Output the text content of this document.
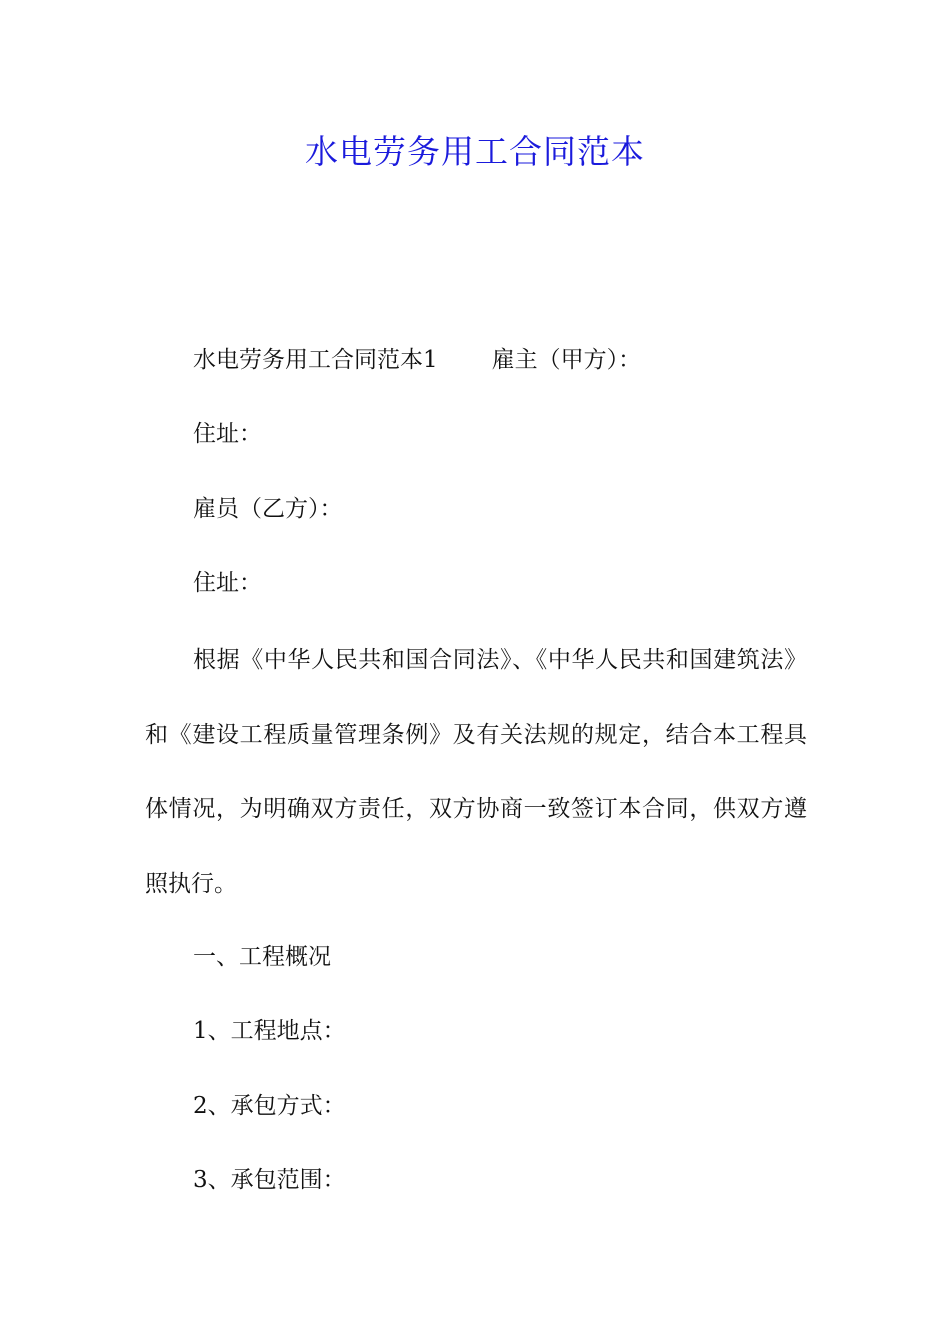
水电劳务用工合同范本
水电劳务用工合同范本1 雇主（甲方）：
住址：
雇员（乙方）：
住址：
根据《中华人民共和国合同法》、《中华人民共和国建筑法》和《建设工程质量管理条例》及有关法规的规定，结合本工程具体情况，为明确双方责任，双方协商一致签订本合同，供双方遵照执行。
一、工程概况
1、工程地点：
2、承包方式：
3、承包范围：
